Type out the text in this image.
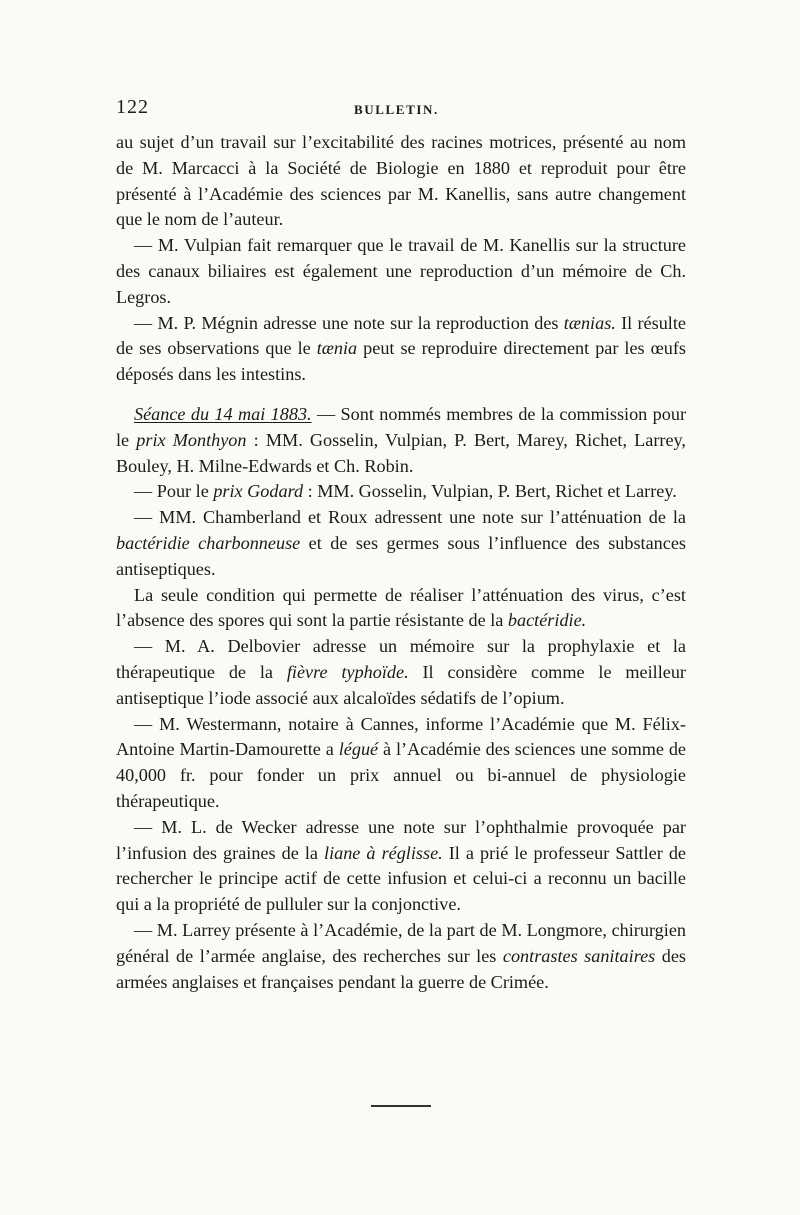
122	BULLETIN.

au sujet d’un travail sur l’excitabilité des racines motrices, présenté au nom de M. Marcacci à la Société de Biologie en 1880 et reproduit pour être présenté à l’Académie des sciences par M. Kanellis, sans autre changement que le nom de l’auteur.

— M. Vulpian fait remarquer que le travail de M. Kanellis sur la structure des canaux biliaires est également une reproduction d’un mémoire de Ch. Legros.

— M. P. Mégnin adresse une note sur la reproduction des tænias. Il résulte de ses observations que le tænia peut se reproduire directement par les œufs déposés dans les intestins.

Séance du 14 mai 1883. — Sont nommés membres de la commission pour le prix Monthyon : MM. Gosselin, Vulpian, P. Bert, Marey, Richet, Larrey, Bouley, H. Milne-Edwards et Ch. Robin.

— Pour le prix Godard : MM. Gosselin, Vulpian, P. Bert, Richet et Larrey.

— MM. Chamberland et Roux adressent une note sur l’atténuation de la bactéridie charbonneuse et de ses germes sous l’influence des substances antiseptiques.

La seule condition qui permette de réaliser l’atténuation des virus, c’est l’absence des spores qui sont la partie résistante de la bactéridie.

— M. A. Delbovier adresse un mémoire sur la prophylaxie et la thérapeutique de la fièvre typhoïde. Il considère comme le meilleur antiseptique l’iode associé aux alcaloïdes sédatifs de l’opium.

— M. Westermann, notaire à Cannes, informe l’Académie que M. Félix-Antoine Martin-Damourette a légué à l’Académie des sciences une somme de 40,000 fr. pour fonder un prix annuel ou bi-annuel de physiologie thérapeutique.

— M. L. de Wecker adresse une note sur l’ophthalmie provoquée par l’infusion des graines de la liane à réglisse. Il a prié le professeur Sattler de rechercher le principe actif de cette infusion et celui-ci a reconnu un bacille qui a la propriété de pulluler sur la conjonctive.

— M. Larrey présente à l’Académie, de la part de M. Longmore, chirurgien général de l’armée anglaise, des recherches sur les contrastes sanitaires des armées anglaises et françaises pendant la guerre de Crimée.
